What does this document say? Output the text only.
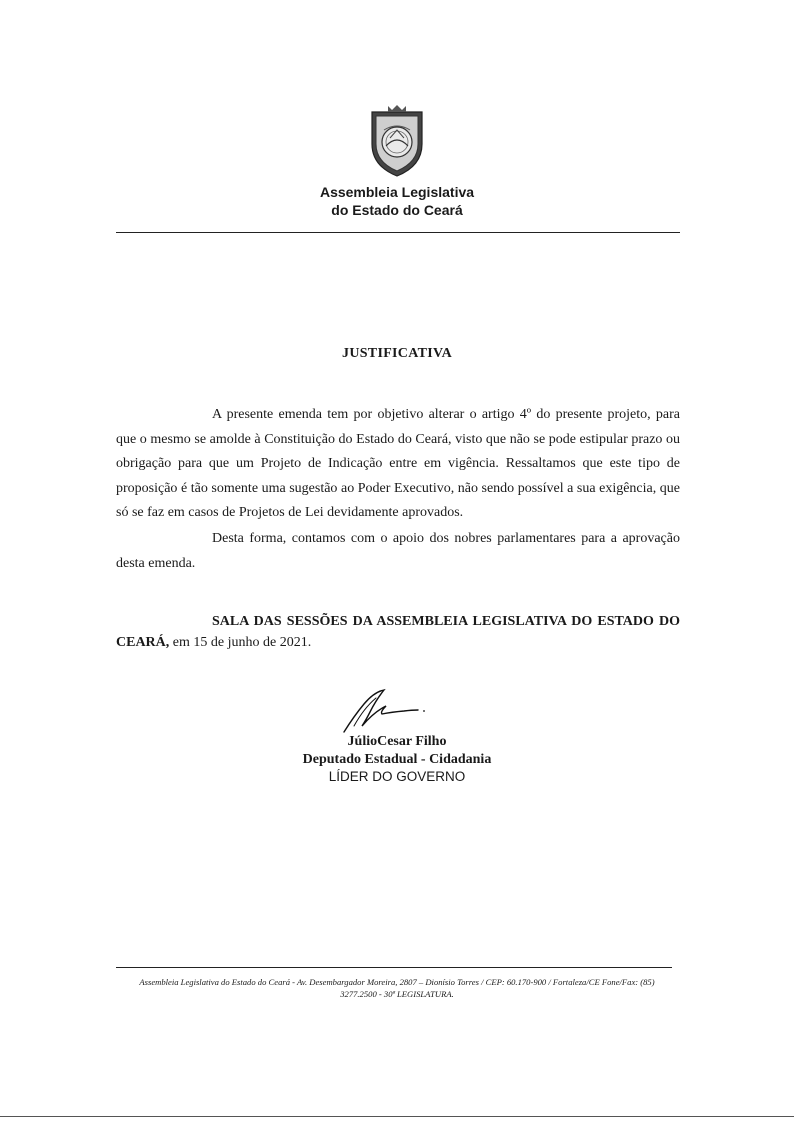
Assembleia Legislativa
do Estado do Ceará
JUSTIFICATIVA

A presente emenda tem por objetivo alterar o artigo 4º do presente projeto, para que o mesmo se amolde à Constituição do Estado do Ceará, visto que não se pode estipular prazo ou obrigação para que um Projeto de Indicação entre em vigência. Ressaltamos que este tipo de proposição é tão somente uma sugestão ao Poder Executivo, não sendo possível a sua exigência, que só se faz em casos de Projetos de Lei devidamente aprovados.

Desta forma, contamos com o apoio dos nobres parlamentares para a aprovação desta emenda.

SALA DAS SESSÕES DA ASSEMBLEIA LEGISLATIVA DO ESTADO DO CEARÁ, em 15 de junho de 2021.

JúlioCesar Filho
Deputado Estadual - Cidadania
LÍDER DO GOVERNO

Assembleia Legislativa do Estado do Ceará - Av. Desembargador Moreira, 2807 – Dionísio Torres / CEP: 60.170-900 / Fortaleza/CE Fone/Fax: (85)
3277.2500 - 30ª LEGISLATURA.
